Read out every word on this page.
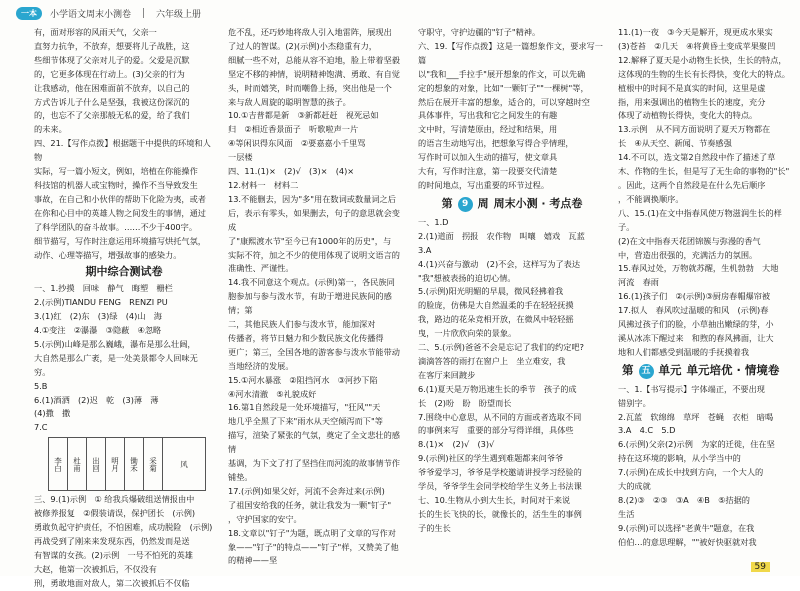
一本	小学语文周末小测卷	六年级上册

有，面对形容的风雨天气，父亲一

直努力抗争，不放弃，想要将儿子战胜，这

些细节体现了父亲对儿子的爱。父爱是沉默

的，它更多体现在行动上。(3)父亲的行为

让我感动，他在困难面前不放弃，以自己的

方式告诉儿子什么是坚强，我被这份深沉的

的，也忘不了父亲那般无私的爱，给了我们

的未来。

四、21.【写作点拨】根据题干中提供的环境和人物

实际，写一篇小短文，例如，培植在你能操作

科技馆的机器人或宝物时，操作不当导致发生

事故，在自己和小伙伴的帮助下化险为夷，或者

在你和心目中的英雄人物之间发生的事情，通过

了科学团队的奋斗故事。……不少于400字。

细节描写，写作时注意运用环境描写烘托气氛，

动作、心理等描写，增强故事的感染力。

期中综合测试卷

一、1.抄摸　回味　静气　晦塑　栅栏

2.(示例)TIANDU FENG　RENZI PU

3.(1)红　(2)东　(3)绿　(4)山　海

4.①变注　②瀑瀑　③隐蔽　④忽略

5.(示例)山峰是那么巍峨，瀑布是那么壮阔，

大自然是那么广袤，是一处美景都令人回味无穷。

5.B

6.(1)酒洒　(2)迟　乾　(3)薄　薄

(4)撒　撒

7.C

李白	杜甫	出回	明月	锄禾	采菊	风

三、9.(1)示例　① 给我兵爆破组送情报由中

被修养报复　②假装请误，保护团长　(示例)

勇敢负起守护责任，不怕困难，成功脱险　(示例)

再战受到了刚来来发现东西，仍然发而是送

有智谋的女孩。(2)示例　一号不怕死的英雄

大赵，他第一次被抓后，不仅没有

刑，勇敢地面对敌人，第二次被抓后不仅临

危不乱，还巧妙地将敌人引入地雷阵，展现出

了过人的智谋。(2)(示例)小杰稳重有力，

细腻一些不对，总能从容不迫地，脸上带着坚毅

坚定不移的神情，说明精神饱满、勇敢、有自觉

头，时而嬉笑，时而嘲鲁上扬，突出他是一个

来与敌人周旋的聪明智慧的孩子。

10.①吉普都是新　③新都赶赶　视死忌如

归　②相近香景面子　听歌啦声一片

④等闲识得东风面　②要嘉嘉小千里骂

一层楼

四、11.(1)×　(2)√　(3)×　(4)×

12.材料一　材料二

13.不能删去，因为"多"用在数词或数量词之后

后，表示有零头，如果删去，句子的意思就会变成

了"康熙渡水节"至今已有1000年的历史"，与

实际不符，加之不少的使用体现了说明文语言的

准确性、严谨性。

14.我不同意这个观点。(示例)第一，各民族同

胞参加与参与泼水节，有助于增进民族间的感情；第

二，其他民族人们参与泼水节，能加深对

传播者，将节日魅力和少数民族文化传播得

更广；第三，全国各地的游客参与泼水节能带动

当地经济的发展。

15.①河水暴涨　②阻挡河水　③河抄下陷

④河水清澈　⑤礼貌成好

16.第1自然段是一处环境描写，"狂风""天

地几乎全黑了下来"雨水从天空倾泻而下"等

描写，渲染了紧张的气氛，奠定了全文悲壮的感情

基调，为下文了打了坚挡住而河流的故事情节作

铺垫。

17.(示例)如果父好，河流不会奔过来(示例)

了祖国安给我的任务，就让我发为一颗"钉子"

，守护国家的安宁。

18.文章以"钉子"为题，既点明了文章的写作对

象——"钉子"的特点——"钉子"样，又赞美了他的精神——坚

守职守，守护边疆的"钉子"精神。

六、19.【写作点拨】这是一篇想象作文，要求写一篇

以"我和___手拉手"展开想象的作文，可以先确

定的想象的对象，比如"一颗钉子""一棵树"等，

然后在展开丰富的想象，适合的，可以穿越时空

具体事件，写出我和它之间发生的有趣

文中时，写清楚原由，经过和结果，用

的语言生动地写出，把想象写得合乎情理，

写作时可以加入生动的描写，使文章具

大有，写作时注意，第一段要交代清楚

的时间地点，写出重要的环节过程。

第	9 周 周末小测 · 考点卷

一、1.D

2.(1)道面　拐报　农作物　叫嚷　嬉戏　瓦蓝

3.A

4.(1)兴奋与激动　(2)不会，这样写为了表达

"我"想被表扬的迫切心情。

5.(示例)阳光明媚的早晨，微风轻拂着我

的脸庞，仿佛是大自然温柔的手在轻轻抚摸

我，路边的花朵竞相开放，在微风中轻轻摇

曳，一片欣欣向荣的景象。

二、5.(示例)爸爸不会是忘记了我们的约定吧?

滴滴答答的雨打在窗户上　坐立难安，我

在客厅来回踱步

6.(1)夏天是万物迅速生长的季节　孩子的成

长　(2)吩　盼　盼望而长

7.围绕中心意思，从不同的方面或者选取不同

的事例来写　重要的部分写得详细，具体些

8.(1)×　(2)√　(3)√

9.(示例)社区的学生遇到难题都来问爷爷

爷爷爱学习，爷爷是学校邀请讲授学习经验的

学员，爷爷学生会同学校给学生义务上书法课

七、10.生物从小到大生长，时间对于来说

长的生长飞快的长，就像长的，活生生的事例

子的生长

11.(1)一夜　③今天是解开，现更成水果实

(3)苍苔　②几天　④将黄昏土变成苹果聚凹

12.解释了夏天是小动物生长快，生长的特点，

这体现的生物的生长有长得快，变化大的特点。

植根中的时间不是真实的时间，这里是虚

指，用来强调出的植物生长的速度，充分

体现了动植物长得快，变化大的特点。

13.示例　从不同方面说明了夏天万物都在

长　④从天空、新闻、节奏感强

14.不可以，选文第2自然段中作了描述了草

木、作物的生长，但是写了无生命的事物的"长"

。因此，这两个自然段是在什么先后顺序

，不能调换顺序。

八、15.(1)在文中指春风使万物滋润生长的样子。

(2)在文中指春天花团锦簇与弥漫的香气

中，营造出很强的，充满活力的氛围。

15.春风过处，万物就苏醒，生机勃勃　大地

河流　春雨

16.(1)孩子们　②(示例)③厨房春帽爆帘被

17.拟人　春风吹过温暖的和风　(示例)春

风拂过孩子们的脸，小草抽出嫩绿的芽，小

溪从冰冻下醒过来　和煦的春风拂面，让大

地和人们都感受到温暖的手抚摸着我

第 五 单元 单元培优 · 情境卷

一、1.【书写提示】字体端正，不要出现

错别字。

2.瓦蓝　软绵绵　草坪　苍蝇　衣柜　暗喝

3.A　4.C　5.D

6.(示例)父亲(2)示例　为家的迁徙，住在坚

持在这环境的影响，从小学当中的

7.(示例)在成长中找到方向，一个大人的

大的成就

8.(2)③　②③　③A　④B　⑤拮据的

生活

9.(示例)可以选择"老黄牛"题意，在我

伯伯…的意思理解，""被好快驱就对我

59
